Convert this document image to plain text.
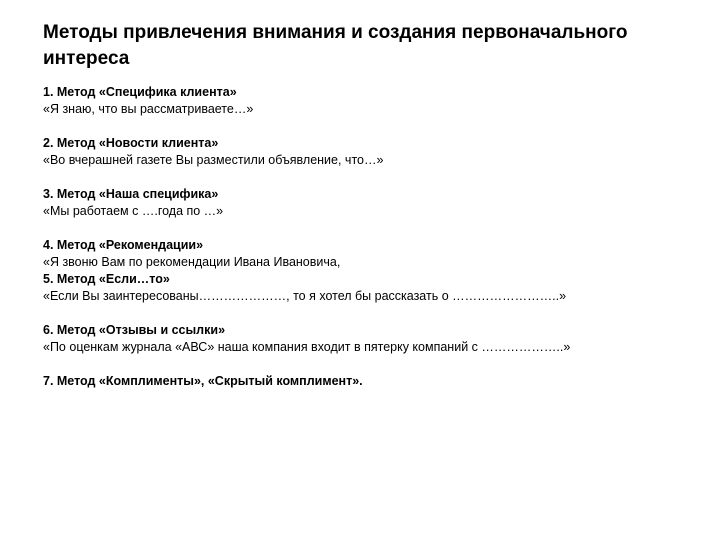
Методы привлечения внимания и создания первоначального интереса
1. Метод «Специфика клиента»
«Я знаю, что вы рассматриваете…»
2. Метод «Новости клиента»
«Во вчерашней газете Вы разместили объявление, что…»
3. Метод «Наша специфика»
«Мы работаем с ….года по …»
4. Метод «Рекомендации»
«Я звоню Вам по рекомендации Ивана Ивановича,
5. Метод «Если…то»
«Если Вы заинтересованы…………………, то я хотел бы рассказать о ……………………..»
6. Метод «Отзывы и ссылки»
«По оценкам журнала «АВС» наша компания входит в пятерку компаний с ………………..»
7. Метод «Комплименты», «Скрытый комплимент».
